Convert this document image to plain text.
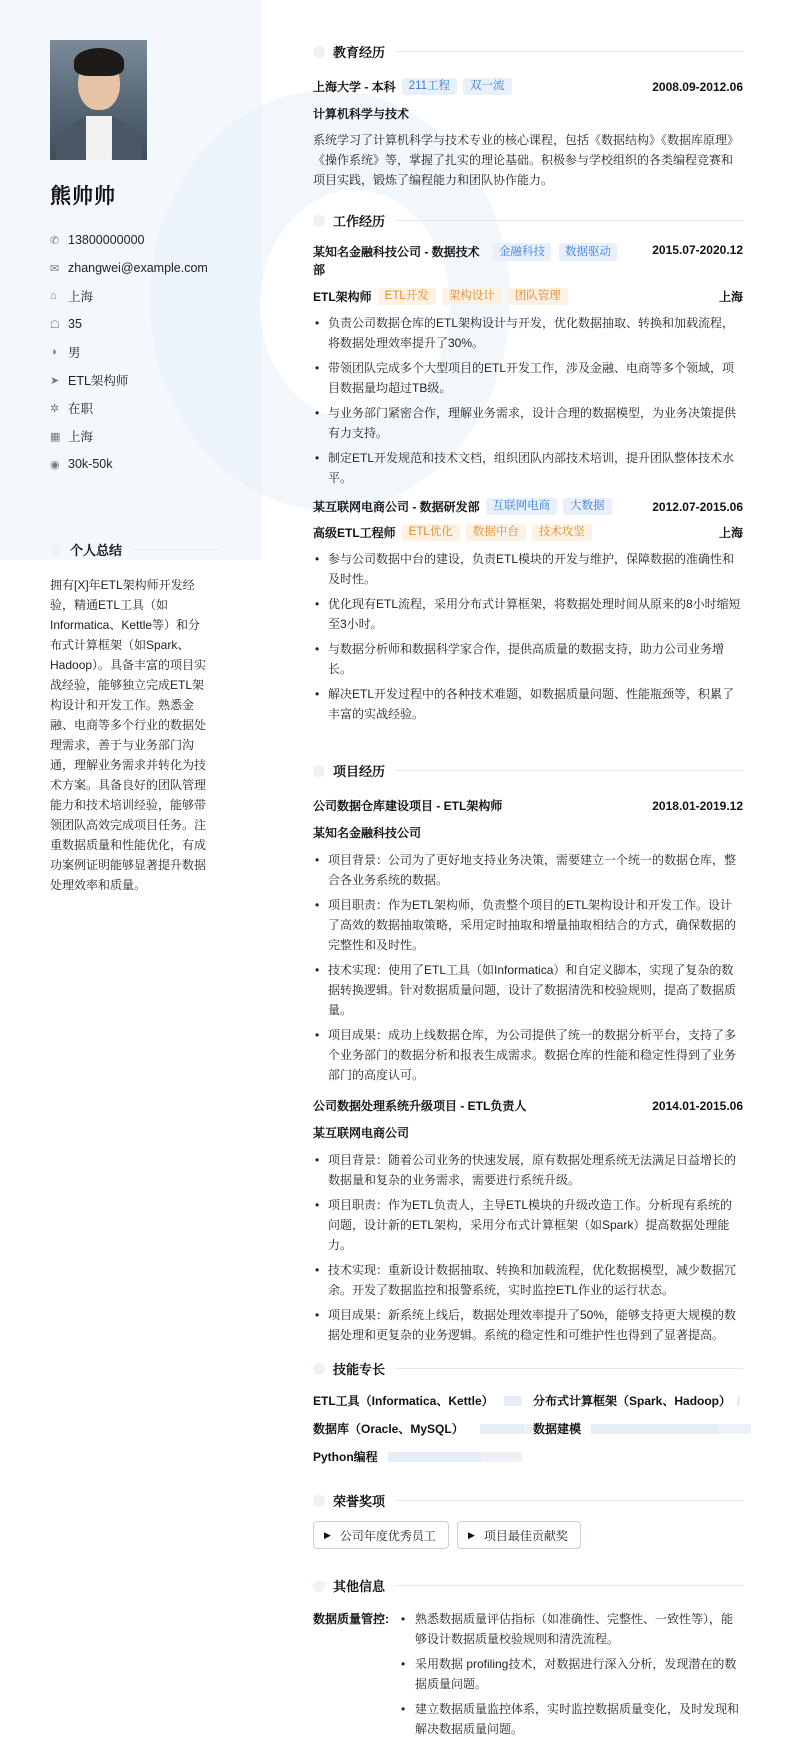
熊帅帅
✆ 13800000000
✉ zhangwei@example.com
⌂ 上海
☖ 35
◑ 男
➤ ETL架构师
✲ 在职
▦ 上海
◉ 30k-50k
个人总结
拥有[X]年ETL架构师开发经验，精通ETL工具（如Informatica、Kettle等）和分布式计算框架（如Spark、Hadoop）。具备丰富的项目实战经验，能够独立完成ETL架构设计和开发工作。熟悉金融、电商等多个行业的数据处理需求，善于与业务部门沟通，理解业务需求并转化为技术方案。具备良好的团队管理能力和技术培训经验，能够带领团队高效完成项目任务。注重数据质量和性能优化，有成功案例证明能够显著提升数据处理效率和质量。
教育经历
上海大学 - 本科	211工程	双一流	2008.09-2012.06
计算机科学与技术
系统学习了计算机科学与技术专业的核心课程，包括《数据结构》《数据库原理》《操作系统》等，掌握了扎实的理论基础。积极参与学校组织的各类编程竞赛和项目实践，锻炼了编程能力和团队协作能力。
工作经历
某知名金融科技公司 - 数据技术部
金融科技	数据驱动	2015.07-2020.12
ETL架构师	ETL开发	架构设计	团队管理	上海
• 负责公司数据仓库的ETL架构设计与开发，优化数据抽取、转换和加载流程，将数据处理效率提升了30%。
• 带领团队完成多个大型项目的ETL开发工作，涉及金融、电商等多个领域，项目数据量均超过TB级。
• 与业务部门紧密合作，理解业务需求，设计合理的数据模型，为业务决策提供有力支持。
• 制定ETL开发规范和技术文档，组织团队内部技术培训，提升团队整体技术水平。
某互联网电商公司 - 数据研发部	互联网电商	大数据	2012.07-2015.06
高级ETL工程师	ETL优化	数据中台	技术攻坚	上海
• 参与公司数据中台的建设，负责ETL模块的开发与维护，保障数据的准确性和及时性。
• 优化现有ETL流程，采用分布式计算框架，将数据处理时间从原来的8小时缩短至3小时。
• 与数据分析师和数据科学家合作，提供高质量的数据支持，助力公司业务增长。
• 解决ETL开发过程中的各种技术难题，如数据质量问题、性能瓶颈等，积累了丰富的实战经验。
项目经历
公司数据仓库建设项目 - ETL架构师	2018.01-2019.12
某知名金融科技公司
• 项目背景：公司为了更好地支持业务决策，需要建立一个统一的数据仓库，整合各业务系统的数据。
• 项目职责：作为ETL架构师，负责整个项目的ETL架构设计和开发工作。设计了高效的数据抽取策略，采用定时抽取和增量抽取相结合的方式，确保数据的完整性和及时性。
• 技术实现：使用了ETL工具（如Informatica）和自定义脚本，实现了复杂的数据转换逻辑。针对数据质量问题，设计了数据清洗和校验规则，提高了数据质量。
• 项目成果：成功上线数据仓库，为公司提供了统一的数据分析平台，支持了多个业务部门的数据分析和报表生成需求。数据仓库的性能和稳定性得到了业务部门的高度认可。
公司数据处理系统升级项目 - ETL负责人	2014.01-2015.06
某互联网电商公司
• 项目背景：随着公司业务的快速发展，原有数据处理系统无法满足日益增长的数据量和复杂的业务需求，需要进行系统升级。
• 项目职责：作为ETL负责人，主导ETL模块的升级改造工作。分析现有系统的问题，设计新的ETL架构，采用分布式计算框架（如Spark）提高数据处理能力。
• 技术实现：重新设计数据抽取、转换和加载流程，优化数据模型，减少数据冗余。开发了数据监控和报警系统，实时监控ETL作业的运行状态。
• 项目成果：新系统上线后，数据处理效率提升了50%，能够支持更大规模的数据处理和更复杂的业务逻辑。系统的稳定性和可维护性也得到了显著提高。
技能专长
ETL工具（Informatica、Kettle）	分布式计算框架（Spark、Hadoop）
数据库（Oracle、MySQL）	数据建模
Python编程
荣誉奖项
▶ 公司年度优秀员工	▶ 项目最佳贡献奖
其他信息
数据质量管控:
•	熟悉数据质量评估指标（如准确性、完整性、一致性等），能够设计数据质量校验规则和清洗流程。
• 采用数据 profiling技术，对数据进行深入分析，发现潜在的数据质量问题。
• 建立数据质量监控体系，实时监控数据质量变化，及时发现和解决数据质量问题。
